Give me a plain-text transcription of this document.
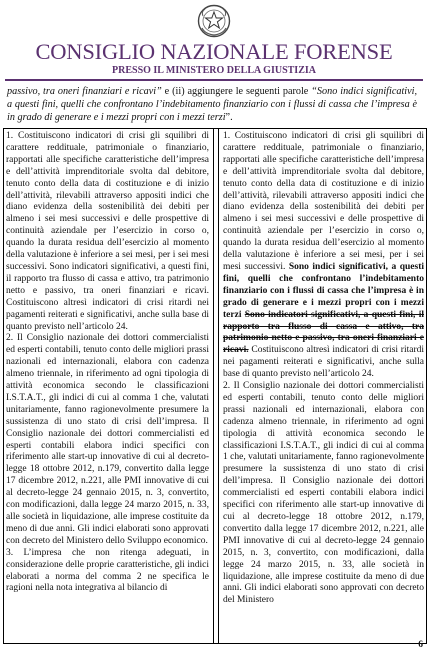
CONSIGLIO NAZIONALE FORENSE
PRESSO IL MINISTERO DELLA GIUSTIZIA
passivo, tra oneri finanziari e ricavi” e (ii) aggiungere le seguenti parole “Sono indici significativi, a questi fini, quelli che confrontano l’indebitamento finanziario con i flussi di cassa che l’impresa è in grado di generare e i mezzi propri con i mezzi terzi”.

1. Costituiscono indicatori di crisi gli squilibri di carattere reddituale, patrimoniale o finanziario, rapportati alle specifiche caratteristiche dell’impresa e dell’attività imprenditoriale svolta dal debitore, tenuto conto della data di costituzione e di inizio dell’attività, rilevabili attraverso appositi indici che diano evidenza della sostenibilità dei debiti per almeno i sei mesi successivi e delle prospettive di continuità aziendale per l’esercizio in corso o, quando la durata residua dell’esercizio al momento della valutazione è inferiore a sei mesi, per i sei mesi successivi. Sono indicatori significativi, a questi fini, il rapporto tra flusso di cassa e attivo, tra patrimonio netto e passivo, tra oneri finanziari e ricavi. Costituiscono altresì indicatori di crisi ritardi nei pagamenti reiterati e significativi, anche sulla base di quanto previsto nell’articolo 24.

2. Il Consiglio nazionale dei dottori commercialisti ed esperti contabili, tenuto conto delle migliori prassi nazionali ed internazionali, elabora con cadenza almeno triennale, in riferimento ad ogni tipologia di attività economica secondo le classificazioni I.S.T.A.T., gli indici di cui al comma 1 che, valutati unitariamente, fanno ragionevolmente presumere la sussistenza di uno stato di crisi dell’impresa. Il Consiglio nazionale dei dottori commercialisti ed esperti contabili elabora indici specifici con riferimento alle start-up innovative di cui al decreto-legge 18 ottobre 2012, n.179, convertito dalla legge 17 dicembre 2012, n.221, alle PMI innovative di cui al decreto-legge 24 gennaio 2015, n. 3, convertito, con modificazioni, dalla legge 24 marzo 2015, n. 33, alle società in liquidazione, alle imprese costituite da meno di due anni. Gli indici elaborati sono approvati con decreto del Ministero dello Sviluppo economico.

3. L’impresa che non ritenga adeguati, in considerazione delle proprie caratteristiche, gli indici elaborati a norma del comma 2 ne specifica le ragioni nella nota integrativa al bilancio di

1. Costituiscono indicatori di crisi gli squilibri di carattere reddituale, patrimoniale o finanziario, rapportati alle specifiche caratteristiche dell’impresa e dell’attività imprenditoriale svolta dal debitore, tenuto conto della data di costituzione e di inizio dell’attività, rilevabili attraverso appositi indici che diano evidenza della sostenibilità dei debiti per almeno i sei mesi successivi e delle prospettive di continuità aziendale per l’esercizio in corso o, quando la durata residua dell’esercizio al momento della valutazione è inferiore a sei mesi, per i sei mesi successivi. Sono indici significativi, a questi fini, quelli che confrontano l’indebitamento finanziario con i flussi di cassa che l’impresa è in grado di generare e i mezzi propri con i mezzi terzi Sono indicatori significativi, a questi fini, il rapporto tra flusso di cassa e attivo, tra patrimonio netto e passivo, tra oneri finanziari e ricavi. Costituiscono altresì indicatori di crisi ritardi nei pagamenti reiterati e significativi, anche sulla base di quanto previsto nell’articolo 24.

2. Il Consiglio nazionale dei dottori commercialisti ed esperti contabili, tenuto conto delle migliori prassi nazionali ed internazionali, elabora con cadenza almeno triennale, in riferimento ad ogni tipologia di attività economica secondo le classificazioni I.S.T.A.T., gli indici di cui al comma 1 che, valutati unitariamente, fanno ragionevolmente presumere la sussistenza di uno stato di crisi dell’impresa. Il Consiglio nazionale dei dottori commercialisti ed esperti contabili elabora indici specifici con riferimento alle start-up innovative di cui al decreto-legge 18 ottobre 2012, n.179, convertito dalla legge 17 dicembre 2012, n.221, alle PMI innovative di cui al decreto-legge 24 gennaio 2015, n. 3, convertito, con modificazioni, dalla legge 24 marzo 2015, n. 33, alle società in liquidazione, alle imprese costituite da meno di due anni. Gli indici elaborati sono approvati con decreto del Ministero

6
